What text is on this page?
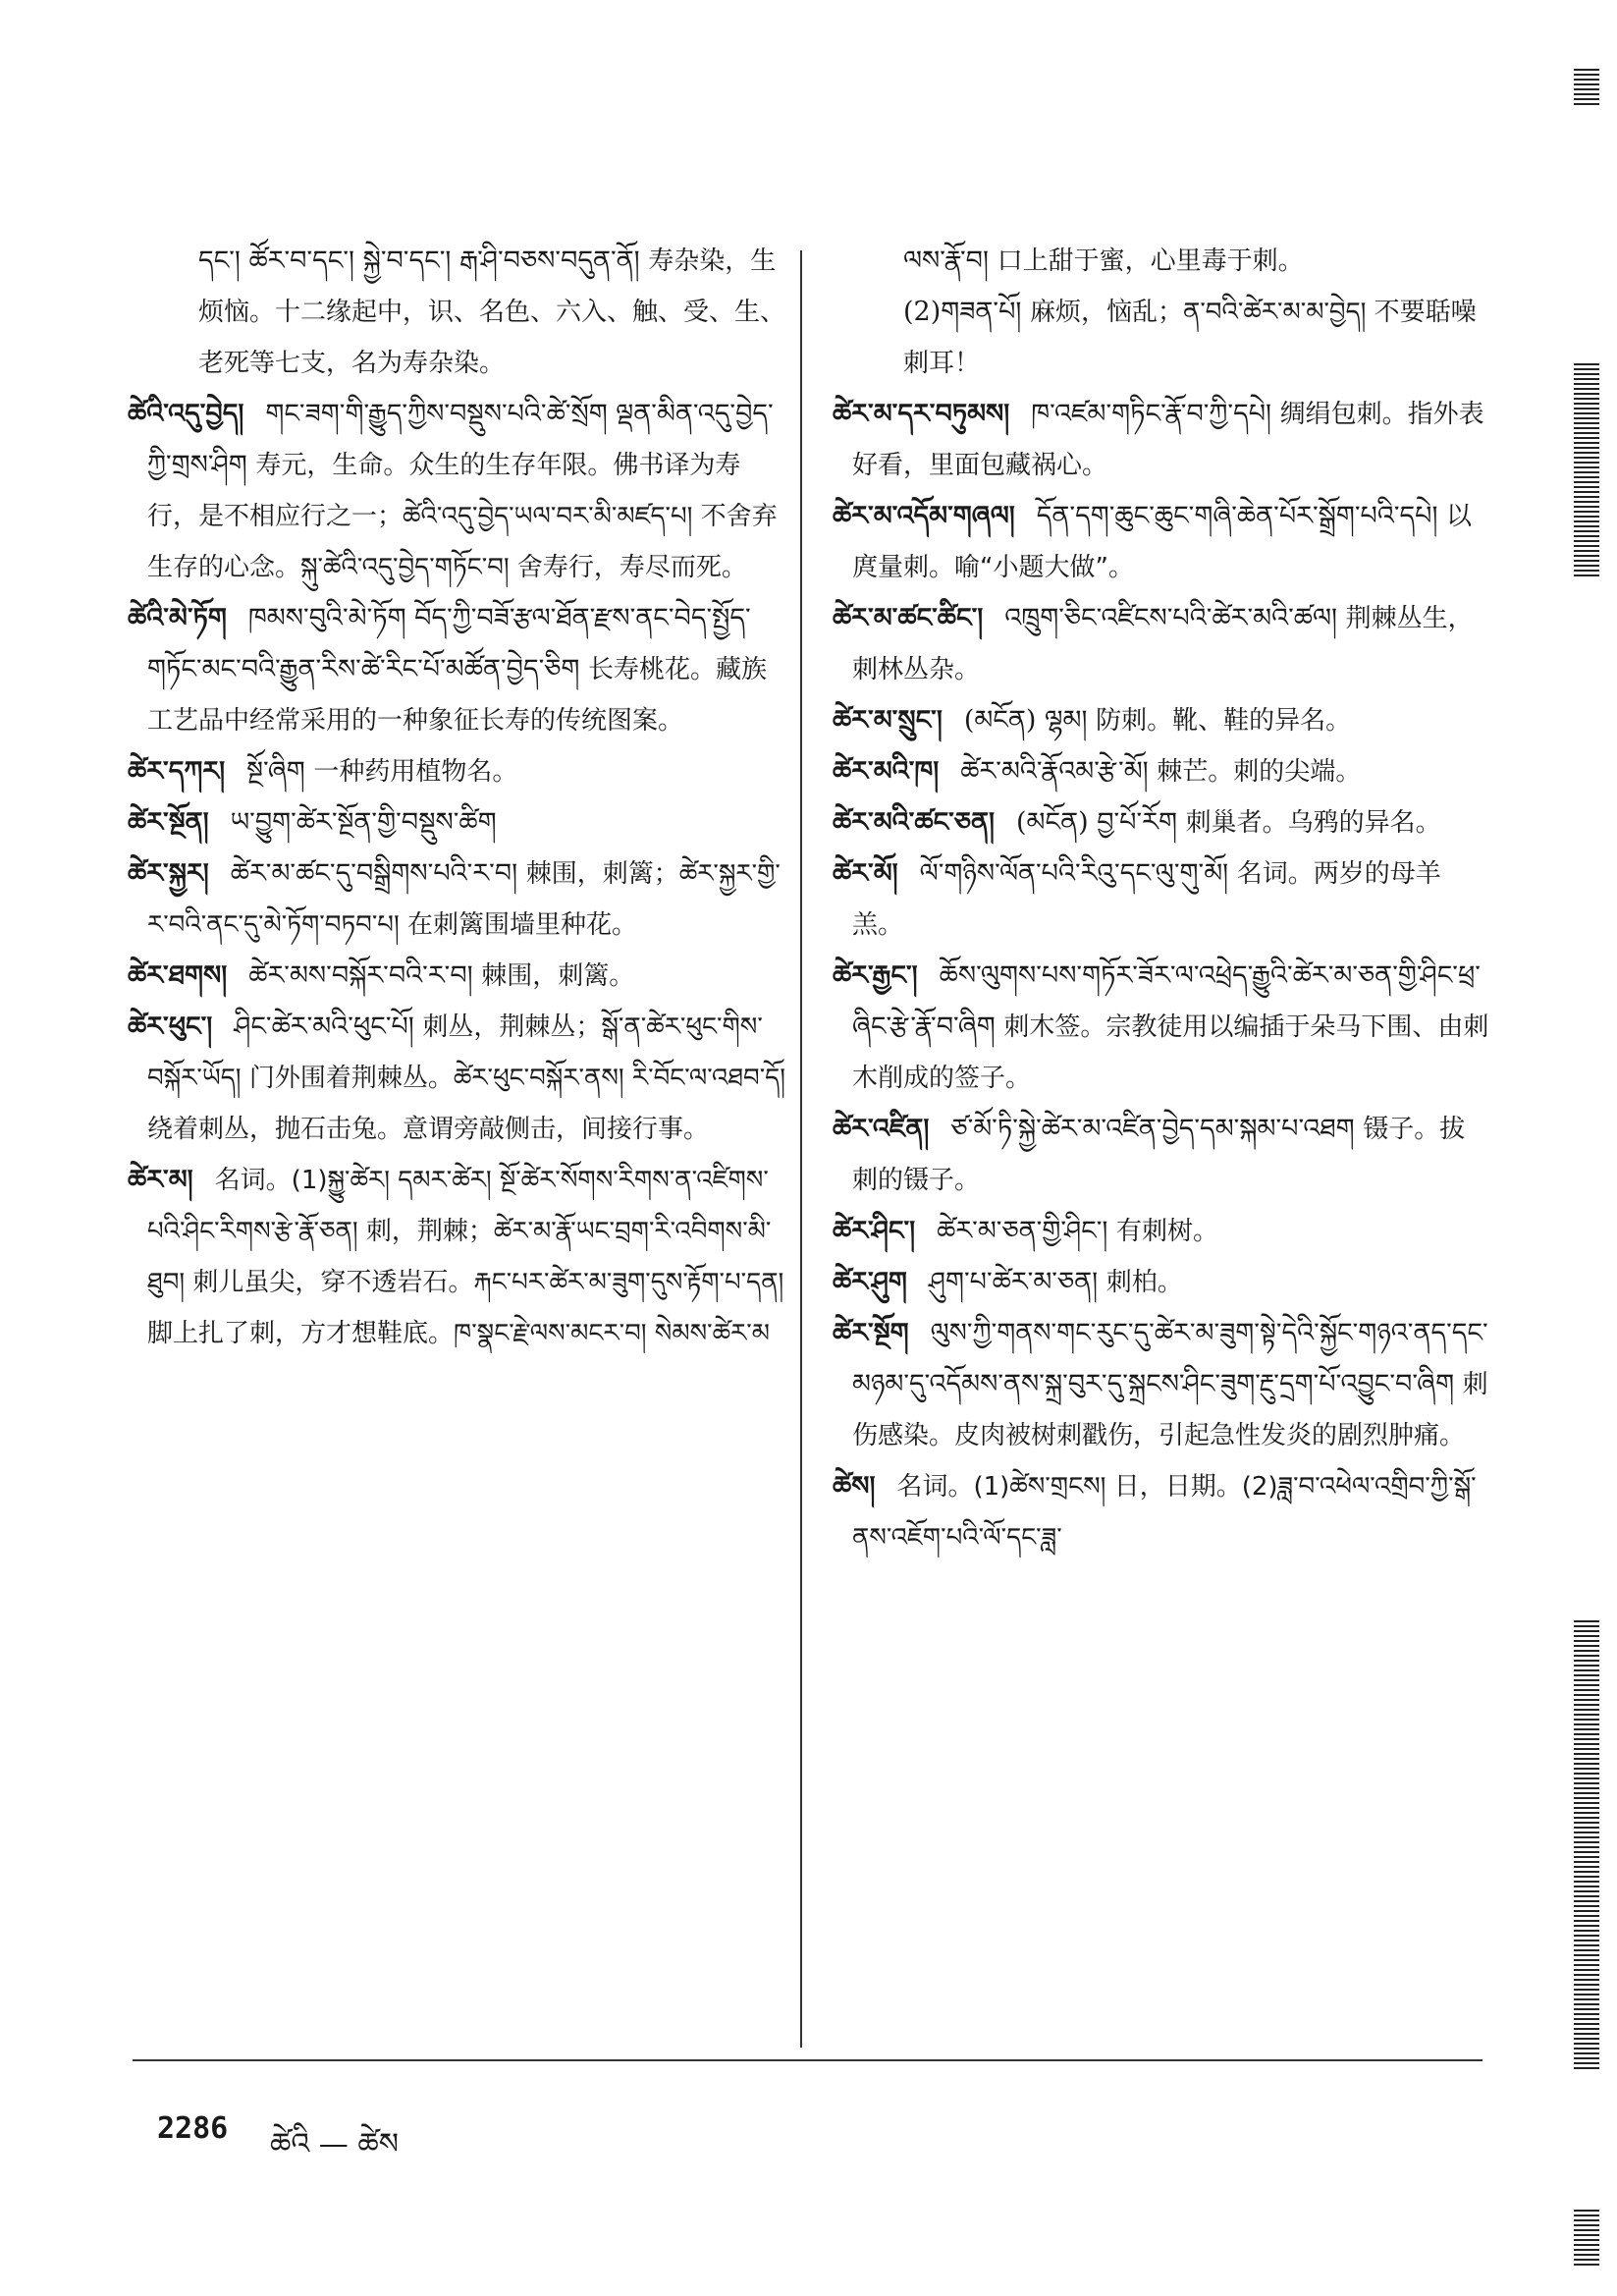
དང་། ཚོར་བ་དང་། སྐྱེ་བ་དང་། རྒ་ཤི་བཅས་བདུན་ནོ། 寿杂染，生烦恼。十二缘起中，识、名色、六入、触、受、生、老死等七支，名为寿杂染。
ཚེའི་འདུ་བྱེད། གང་ཟག་གི་རྒྱུད་ཀྱིས་བསྡུས་པའི་ཚེ་སྲོག ལྡན་མིན་འདུ་བྱེད་ཀྱི་གྲས་ཤིག 寿元，生命。众生的生存年限。佛书译为寿行，是不相应行之一；ཚེའི་འདུ་བྱེད་ཡལ་བར་མི་མཛད་པ། 不舍弃生存的心念。སྐུ་ཚེའི་འདུ་བྱེད་གཏོང་བ། 舍寿行，寿尽而死。
ཚེའི་མེ་ཏོག ཁམས་བུའི་མེ་ཏོག བོད་ཀྱི་བཟོ་རྩལ་ཐོན་རྫས་ནང་བེད་སྤྱོད་གཏོང་མང་བའི་རྒྱུན་རིས་ཚེ་རིང་པོ་མཚོན་བྱེད་ཅིག 长寿桃花。藏族工艺品中经常采用的一种象征长寿的传统图案。
ཚེར་དཀར། སྔོ་ཞིག 一种药用植物名。
ཚེར་སྔོན། ཡ་བྱུག་ཚེར་སྔོན་གྱི་བསྡུས་ཚིག
ཚེར་སྐྱར། ཚེར་མ་ཚང་དུ་བསྒྲིགས་པའི་ར་བ། 棘围，刺篱；ཚེར་སྐྱར་གྱི་ར་བའི་ནང་དུ་མེ་ཏོག་བཏབ་པ། 在刺篱围墙里种花。
ཚེར་ཐགས། ཚེར་མས་བསྐོར་བའི་ར་བ། 棘围，刺篱。
ཚེར་ཕུང་། ཤིང་ཚེར་མའི་ཕུང་པོ། 刺丛，荆棘丛；སྒོ་ན་ཚེར་ཕུང་གིས་བསྐོར་ཡོད། 门外围着荆棘丛。ཚེར་ཕུང་བསྐོར་ནས། རི་བོང་ལ་འཐབ་དོ། 绕着刺丛，抛石击兔。意谓旁敲侧击，间接行事。
ཚེར་མ། 名词。(1)སྐྱུ་ཚེར། དམར་ཚེར། སྔོ་ཚེར་སོགས་རིགས་ན་འཛིགས་པའི་ཤིང་རིགས་རྩེ་རྣོ་ཅན། 刺，荆棘；ཚེར་མ་རྣོ་ཡང་བྲག་རི་འབིགས་མི་ཐུབ། 刺儿虽尖，穿不透岩石。རྐང་པར་ཚེར་མ་ཟུག་དུས་རྟོག་པ་དན། 脚上扎了刺，方才想鞋底。ཁ་སྣང་རྗེ་ལས་མངར་བ། སེམས་ཚེར་མ
ལས་རྣོ་བ། 口上甜于蜜，心里毒于刺。
(2)གཟན་པོ། 麻烦，恼乱；ན་བའི་ཚེར་མ་མ་བྱེད། 不要聒噪刺耳！
ཚེར་མ་དར་བཏུམས། ཁ་འཛམ་གཏིང་རྣོ་བ་ཀྱི་དཔེ། 绸绢包刺。指外表好看，里面包藏祸心。
ཚེར་མ་འདོམ་གཞལ། དོན་དག་ཆུང་ཆུང་གཞི་ཆེན་པོར་སྒྲོག་པའི་དཔེ། 以庹量刺。喻“小题大做”。
ཚེར་མ་ཚང་ཚིང་། འཁྲུག་ཅིང་འཛིངས་པའི་ཚེར་མའི་ཚལ། 荆棘丛生，刺林丛杂。
ཚེར་མ་སྲུང་། (མངོན) ལྷམ། 防刺。靴、鞋的异名。
ཚེར་མའི་ཁ། ཚེར་མའི་རྣོའམ་རྩེ་མོ། 棘芒。刺的尖端。
ཚེར་མའི་ཚང་ཅན། (མངོན) བྱ་པོ་རོག 刺巢者。乌鸦的异名。
ཚེར་མོ། ལོ་གཉིས་ལོན་པའི་རིའུ་དང་ལུ་གུ་མོ། 名词。两岁的母羊羔。
ཚེར་རྒྱང་། ཆོས་ལུགས་པས་གཏོར་ཟོར་ལ་འཕྲེད་རྒྱུའི་ཚེར་མ་ཅན་གྱི་ཤིང་ཕྲ་ཞིང་རྩེ་རྣོ་བ་ཞིག 刺木签。宗教徒用以编插于朵马下围、由刺木削成的签子。
ཚེར་འཛིན། ཙ་མོ་ཏི་སྐྱེ་ཚེར་མ་འཛིན་བྱེད་དམ་སྐམ་པ་འཐག 镊子。拔刺的镊子。
ཚེར་ཤིང་། ཚེར་མ་ཅན་གྱི་ཤིང་། 有刺树。
ཚེར་ཤུག ཤུག་པ་ཚེར་མ་ཅན། 刺柏。
ཚེར་སྔོག ལུས་ཀྱི་གནས་གང་རུང་དུ་ཚེར་མ་ཟུག་སྟེ་དེའི་སྐྱོང་གཉའ་ནད་དང་མཉམ་དུ་འདོམས་ནས་སྐྲ་བུར་དུ་སྐྲངས་ཤིང་ཟུག་རྔུ་དྲག་པོ་འབྱུང་བ་ཞིག 刺伤感染。皮肉被树刺戳伤，引起急性发炎的剧烈肿痛。
ཚེས། 名词。(1)ཚེས་གྲངས། 日，日期。(2)ཟླ་བ་འཕེལ་འགྲིབ་ཀྱི་སྒོ་ནས་འཇོག་པའི་ལོ་དང་ཟླ་
2286 ཚེའི — ཚེས
